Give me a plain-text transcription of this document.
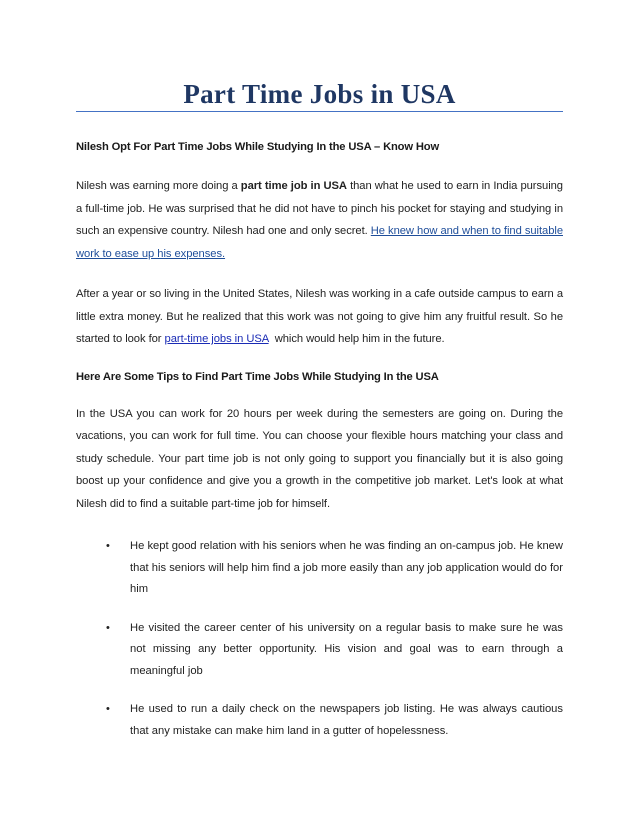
Part Time Jobs in USA
Nilesh Opt For Part Time Jobs While Studying In the USA – Know How

Nilesh was earning more doing a part time job in USA than what he used to earn in India pursuing a full-time job. He was surprised that he did not have to pinch his pocket for staying and studying in such an expensive country. Nilesh had one and only secret. He knew how and when to find suitable work to ease up his expenses.

After a year or so living in the United States, Nilesh was working in a cafe outside campus to earn a little extra money. But he realized that this work was not going to give him any fruitful result. So he started to look for part-time jobs in USA  which would help him in the future.

Here Are Some Tips to Find Part Time Jobs While Studying In the USA

In the USA you can work for 20 hours per week during the semesters are going on. During the vacations, you can work for full time. You can choose your flexible hours matching your class and study schedule. Your part time job is not only going to support you financially but it is also going boost up your confidence and give you a growth in the competitive job market. Let's look at what Nilesh did to find a suitable part-time job for himself.

• He kept good relation with his seniors when he was finding an on-campus job. He knew that his seniors will help him find a job more easily than any job application would do for him
• He visited the career center of his university on a regular basis to make sure he was not missing any better opportunity. His vision and goal was to earn through a meaningful job
• He used to run a daily check on the newspapers job listing. He was always cautious that any mistake can make him land in a gutter of hopelessness.
